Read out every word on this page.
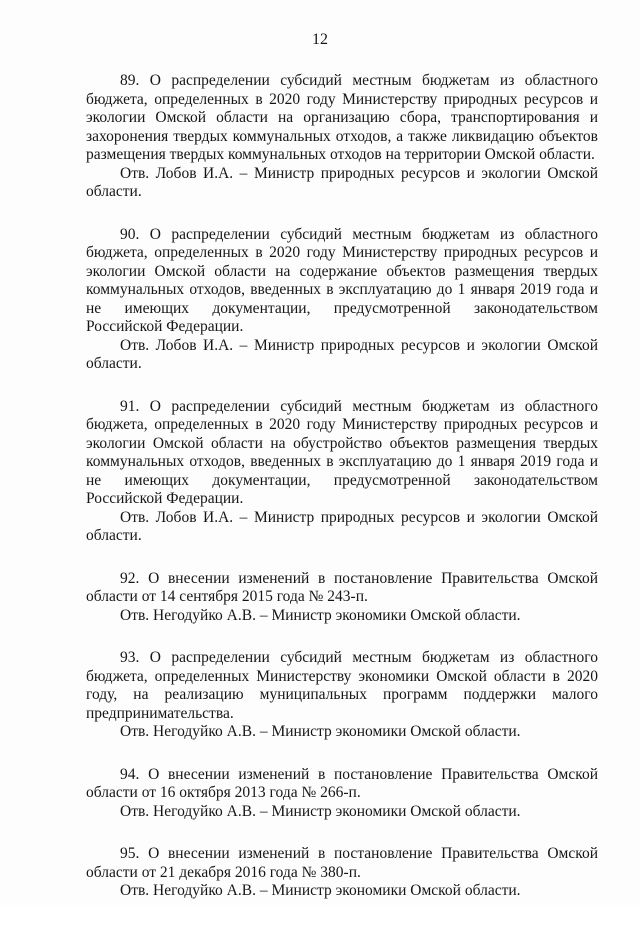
12

89. О распределении субсидий местным бюджетам из областного бюджета, определенных в 2020 году Министерству природных ресурсов и экологии Омской области на организацию сбора, транспортирования и захоронения твердых коммунальных отходов, а также ликвидацию объектов размещения твердых коммунальных отходов на территории Омской области.

Отв. Лобов И.А. – Министр природных ресурсов и экологии Омской области.

90. О распределении субсидий местным бюджетам из областного бюджета, определенных в 2020 году Министерству природных ресурсов и экологии Омской области на содержание объектов размещения твердых коммунальных отходов, введенных в эксплуатацию до 1 января 2019 года и не имеющих документации, предусмотренной законодательством Российской Федерации.

Отв. Лобов И.А. – Министр природных ресурсов и экологии Омской области.

91. О распределении субсидий местным бюджетам из областного бюджета, определенных в 2020 году Министерству природных ресурсов и экологии Омской области на обустройство объектов размещения твердых коммунальных отходов, введенных в эксплуатацию до 1 января 2019 года и не имеющих документации, предусмотренной законодательством Российской Федерации.

Отв. Лобов И.А. – Министр природных ресурсов и экологии Омской области.

92. О внесении изменений в постановление Правительства Омской области от 14 сентября 2015 года № 243-п.

Отв. Негодуйко А.В. – Министр экономики Омской области.

93. О распределении субсидий местным бюджетам из областного бюджета, определенных Министерству экономики Омской области в 2020 году, на реализацию муниципальных программ поддержки малого предпринимательства.

Отв. Негодуйко А.В. – Министр экономики Омской области.

94. О внесении изменений в постановление Правительства Омской области от 16 октября 2013 года № 266-п.

Отв. Негодуйко А.В. – Министр экономики Омской области.

95. О внесении изменений в постановление Правительства Омской области от 21 декабря 2016 года № 380-п.

Отв. Негодуйко А.В. – Министр экономики Омской области.
